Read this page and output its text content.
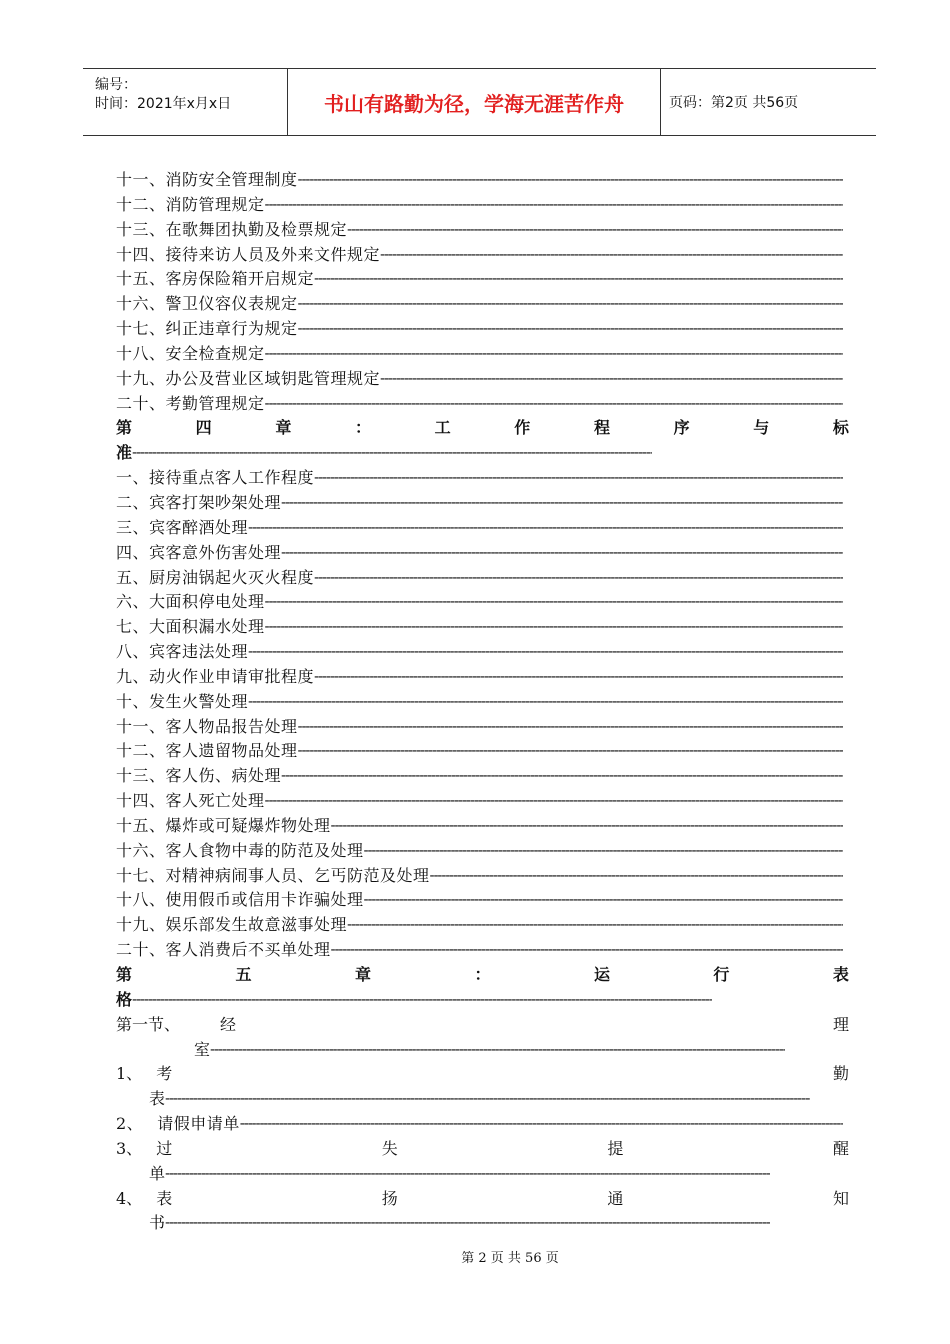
编号：
时间：2021年x月x日	书山有路勤为径，学海无涯苦作舟	页码：第2页 共56页
十一、消防安全管理制度
-----
十二、消防管理规定
-----
十三、在歌舞团执勤及检票规定
-----
十四、接待来访人员及外来文件规定
-----
十五、客房保险箱开启规定
-----
十六、警卫仪容仪表规定
-----
十七、纠正违章行为规定
-----
十八、安全检查规定
-----
十九、办公及营业区域钥匙管理规定
-----
二十、考勤管理规定
-----
第	四	章	：	工	作	程	序	与	标
准
-----
一、接待重点客人工作程度
-----
二、宾客打架吵架处理
-----
三、宾客醉酒处理
-----
四、宾客意外伤害处理
-----
五、厨房油锅起火灭火程度
-----
六、大面积停电处理
-----
七、大面积漏水处理
-----
八、宾客违法处理
-----
九、动火作业申请审批程度
-----
十、发生火警处理
-----
十一、客人物品报告处理
-----
十二、客人遗留物品处理
-----
十三、客人伤、病处理
-----
十四、客人死亡处理
-----
十五、爆炸或可疑爆炸物处理
-----
十六、客人食物中毒的防范及处理
-----
十七、对精神病闹事人员、乞丐防范及处理
-----
十八、使用假币或信用卡诈骗处理
-----
十九、娱乐部发生故意滋事处理
-----
二十、客人消费后不买单处理
-----
第	五	章	：	运	行	表
格
-----
第一节、	经	理
室
-----
1、 考	勤
表
-----
2、 请假申请单
-----
3、 过	失	提	醒
单
-----
4、 表	扬	通	知
书
-----
第 2 页 共 56 页
